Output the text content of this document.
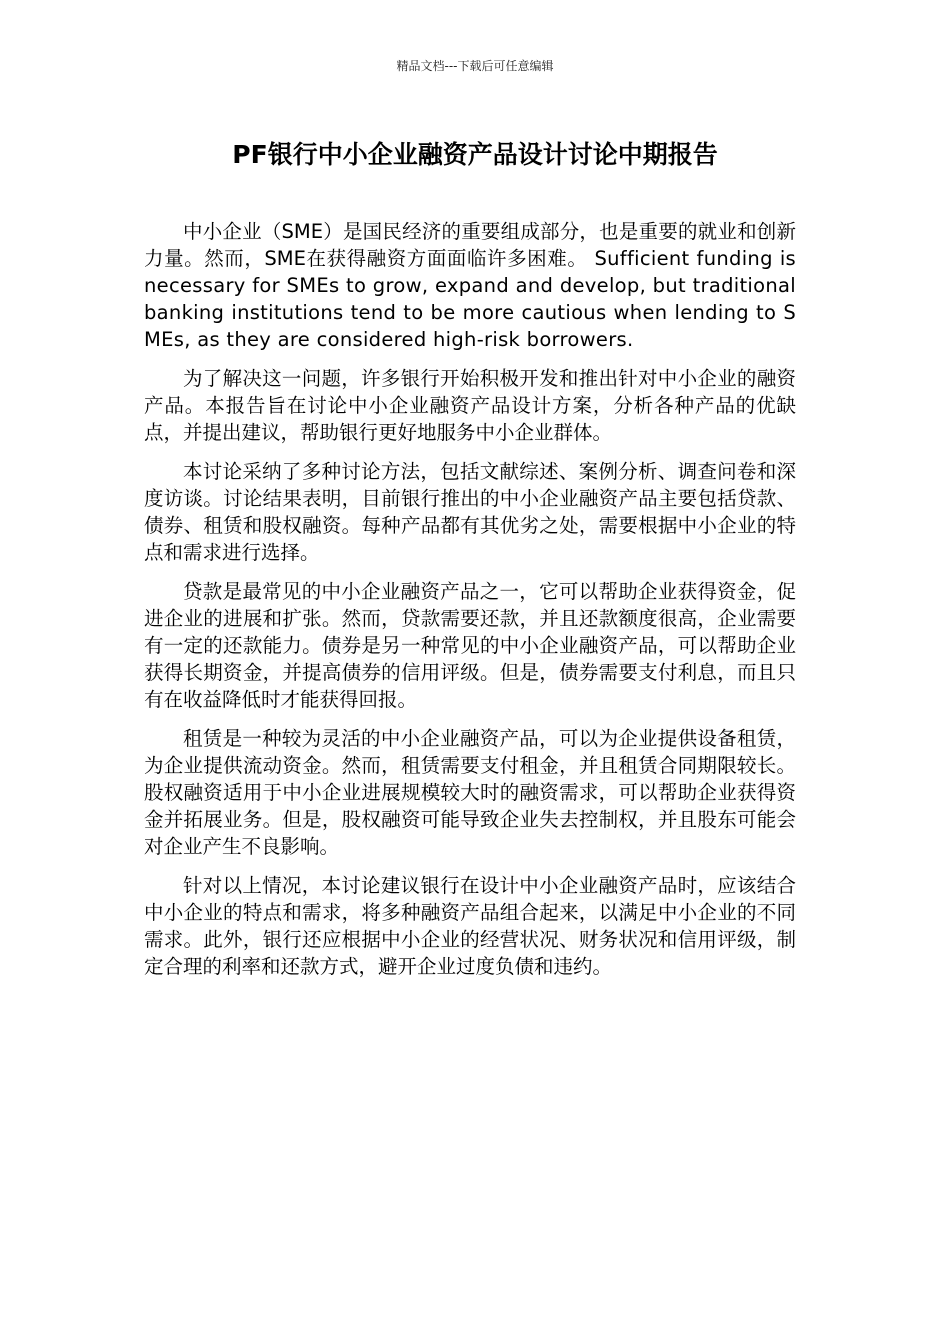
精品文档---下载后可任意编辑
PF银行中小企业融资产品设计讨论中期报告

中小企业（SME）是国民经济的重要组成部分，也是重要的就业和创新力量。然而，SME在获得融资方面面临许多困难。 Sufficient funding is necessary for SMEs to grow, expand and develop, but traditional banking institutions tend to be more cautious when lending to SMEs, as they are considered high-risk borrowers.

为了解决这一问题，许多银行开始积极开发和推出针对中小企业的融资产品。本报告旨在讨论中小企业融资产品设计方案，分析各种产品的优缺点，并提出建议，帮助银行更好地服务中小企业群体。

本讨论采纳了多种讨论方法，包括文献综述、案例分析、调查问卷和深度访谈。讨论结果表明，目前银行推出的中小企业融资产品主要包括贷款、债券、租赁和股权融资。每种产品都有其优劣之处，需要根据中小企业的特点和需求进行选择。

贷款是最常见的中小企业融资产品之一，它可以帮助企业获得资金，促进企业的进展和扩张。然而，贷款需要还款，并且还款额度很高，企业需要有一定的还款能力。债券是另一种常见的中小企业融资产品，可以帮助企业获得长期资金，并提高债券的信用评级。但是，债券需要支付利息，而且只有在收益降低时才能获得回报。

租赁是一种较为灵活的中小企业融资产品，可以为企业提供设备租赁，为企业提供流动资金。然而，租赁需要支付租金，并且租赁合同期限较长。股权融资适用于中小企业进展规模较大时的融资需求，可以帮助企业获得资金并拓展业务。但是，股权融资可能导致企业失去控制权，并且股东可能会对企业产生不良影响。

针对以上情况，本讨论建议银行在设计中小企业融资产品时，应该结合中小企业的特点和需求，将多种融资产品组合起来，以满足中小企业的不同需求。此外，银行还应根据中小企业的经营状况、财务状况和信用评级，制定合理的利率和还款方式，避开企业过度负债和违约。
